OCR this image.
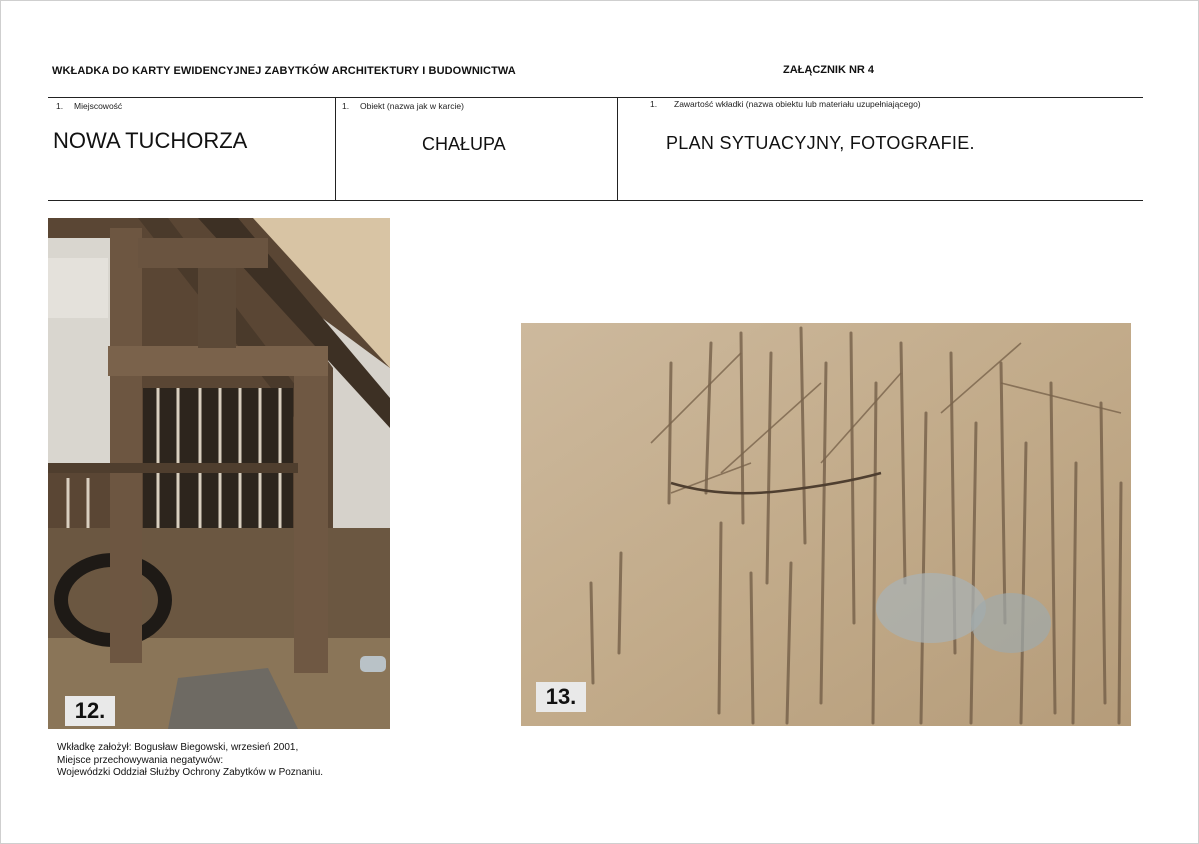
WKŁADKA DO KARTY EWIDENCYJNEJ ZABYTKÓW ARCHITEKTURY I BUDOWNICTWA	ZAŁĄCZNIK NR 4
1. Miejscowość	1. Obiekt (nazwa jak w karcie)	1. Zawartość wkładki (nazwa obiektu lub materiału uzupełniającego)
NOWA TUCHORZA	CHAŁUPA	PLAN SYTUACYJNY, FOTOGRAFIE.
12.
13.
Wkładkę założył: Bogusław Biegowski, wrzesień 2001,
Miejsce przechowywania negatywów:
Wojewódzki Oddział Służby Ochrony Zabytków w Poznaniu.
